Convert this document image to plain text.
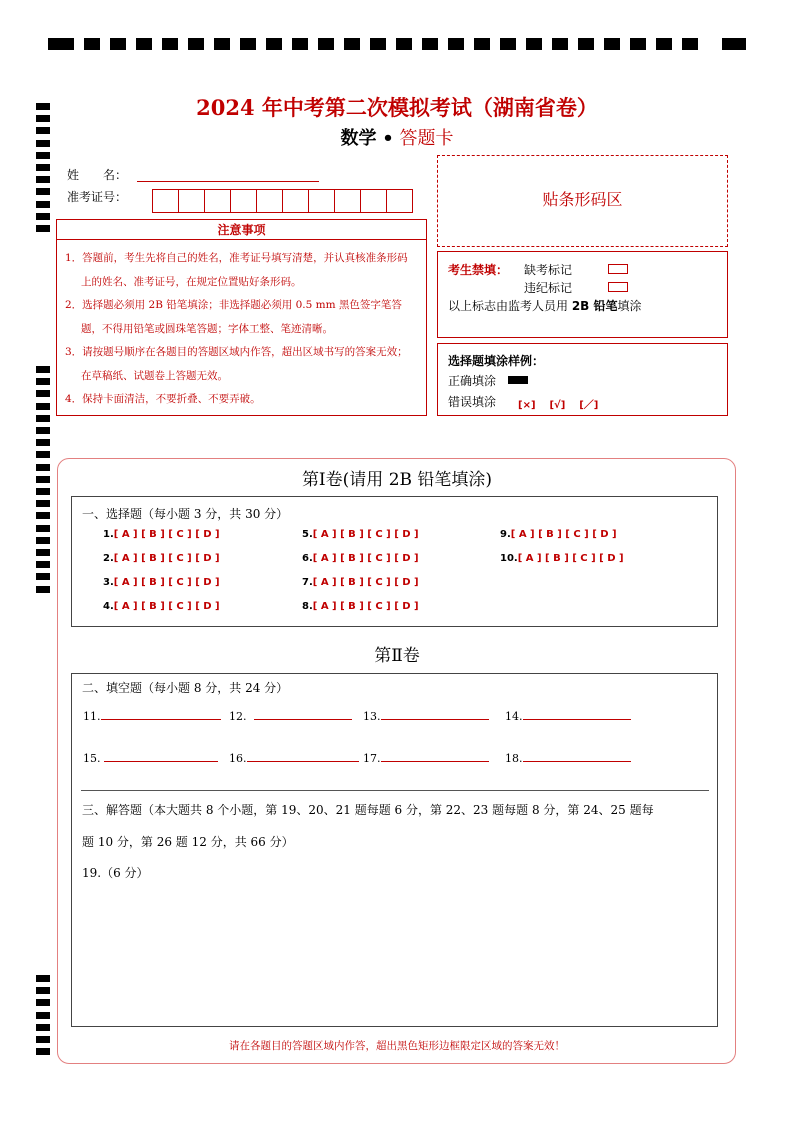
2024 年中考第二次模拟考试（湖南省卷）
数学 • 答题卡
姓　　名：
准考证号：
注意事项

1．答题前，考生先将自己的姓名，准考证号填写清楚，并认真核准条形码上的姓名、准考证号，在规定位置贴好条形码。

2．选择题必须用 2B 铅笔填涂；非选择题必须用 0.5 mm 黑色签字笔答题，不得用铅笔或圆珠笔答题；字体工整、笔迹清晰。

3．请按题号顺序在各题目的答题区域内作答，超出区域书写的答案无效；在草稿纸、试题卷上答题无效。

4．保持卡面清洁，不要折叠、不要弄破。

贴条形码区
考生禁填： 缺考标记
违纪标记
以上标志由监考人员用 2B 铅笔填涂
选择题填涂样例：
正确填涂
错误填涂 [×] [√] [／]
第Ⅰ卷(请用 2B 铅笔填涂)
一、选择题（每小题 3 分，共 30 分）
1.[ A ] [ B ] [ C ] [ D ]
2.[ A ] [ B ] [ C ] [ D ]
3.[ A ] [ B ] [ C ] [ D ]
4.[ A ] [ B ] [ C ] [ D ]
5.[ A ] [ B ] [ C ] [ D ]
6.[ A ] [ B ] [ C ] [ D ]
7.[ A ] [ B ] [ C ] [ D ]
8.[ A ] [ B ] [ C ] [ D ]
9.[ A ] [ B ] [ C ] [ D ]
10.[ A ] [ B ] [ C ] [ D ]
第Ⅱ卷
二、填空题（每小题 8 分，共 24 分）
11.	12.	13.	14.
15.	16.	17.	18.
三、解答题（本大题共 8 个小题，第 19、20、21 题每题 6 分，第 22、23 题每题 8 分，第 24、25 题每
题 10 分，第 26 题 12 分，共 66 分）
19.（6 分）
请在各题目的答题区域内作答，超出黑色矩形边框限定区域的答案无效！
